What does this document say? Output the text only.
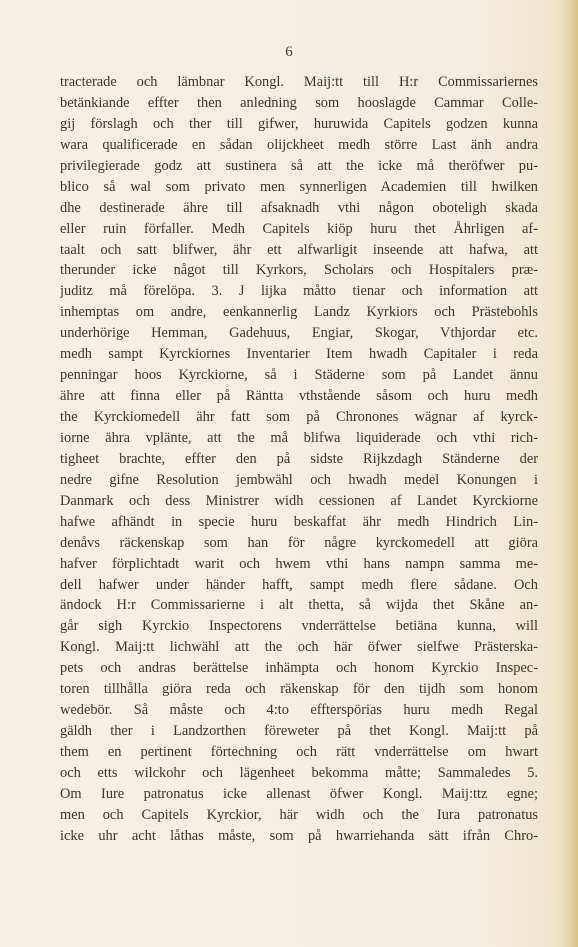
6
tracterade och lämbnar Kongl. Maij:tt till H:r Commissariernes
betänkiande effter then anledning som hooslagde Cammar Colle-
gij förslagh och ther till gifwer, huruwida Capitels godzen kunna
wara qualificerade en sådan olijckheet medh större Last änh andra
privilegierade godz att sustinera så att the icke må theröfwer pu-
blico så wal som privato men synnerligen Academien till hwilken
dhe destinerade ähre till afsaknadh vthi någon oboteligh skada
eller ruin förfaller. Medh Capitels kiöp huru thet Åhrligen af-
taalt och satt blifwer, ähr ett alfwarligit inseende att hafwa, att
therunder icke något till Kyrkors, Scholars och Hospitalers præ-
juditz må förelöpa. 3. J lijka måtto tienar och information att
inhemptas om andre, eenkannerlig Landz Kyrkiors och Prästebohls
underhörige Hemman, Gadehuus, Engiar, Skogar, Vthjordar etc.
medh sampt Kyrckiornes Inventarier Item hwadh Capitaler i reda
penningar hoos Kyrckiorne, så i Städerne som på Landet ännu
ähre att finna eller på Räntta vthstående såsom och huru medh
the Kyrckiomedell ähr fatt som på Chronones wägnar af kyrck-
iorne ähra vplänte, att the må blifwa liquiderade och vthi rich-
tigheet brachte, effter den på sidste Rijkzdagh Ständerne der
nedre gifne Resolution jembwähl och hwadh medel Konungen i
Danmark och dess Ministrer widh cessionen af Landet Kyrckiorne
hafwe afhändt in specie huru beskaffat ähr medh Hindrich Lin-
denåvs räckenskap som han för någre kyrckomedell att giöra
hafver förplichtadt warit och hwem vthi hans nampn samma me-
dell hafwer under händer hafft, sampt medh flere sådane. Och
ändock H:r Commissarierne i alt thetta, så wijda thet Skåne an-
går sigh Kyrckio Inspectorens vnderrättelse betiäna kunna, will
Kongl. Maij:tt lichwähl att the och här öfwer sielfwe Prästerska-
pets och andras berättelse inhämpta och honom Kyrckio Inspec-
toren tillhålla giöra reda och räkenskap för den tijdh som honom
wedebör. Så måste och 4:to effterspörias huru medh Regal
gäldh ther i Landzorthen föreweter på thet Kongl. Maij:tt på
them en pertinent förtechning och rätt vnderrättelse om hwart
och etts wilckohr och lägenheet bekomma måtte; Sammaledes 5.
Om Iure patronatus icke allenast öfwer Kongl. Maij:ttz egne;
men och Capitels Kyrckior, här widh och the Iura patronatus
icke uhr acht låthas måste, som på hwarriehanda sätt ifrån Chro-
